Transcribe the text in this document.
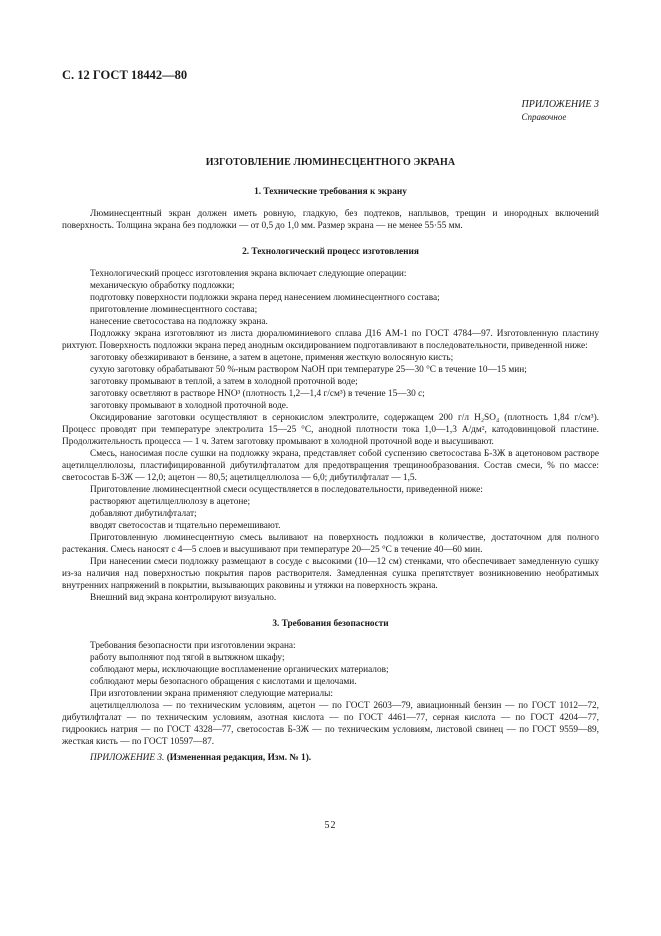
С. 12 ГОСТ 18442—80
ПРИЛОЖЕНИЕ 3
Справочное
ИЗГОТОВЛЕНИЕ ЛЮМИНЕСЦЕНТНОГО ЭКРАНА

1. Технические требования к экрану

Люминесцентный экран должен иметь ровную, гладкую, без подтеков, наплывов, трещин и инородных включений поверхность. Толщина экрана без подложки — от 0,5 до 1,0 мм. Размер экрана — не менее 55·55 мм.

2. Технологический процесс изготовления

Технологический процесс изготовления экрана включает следующие операции:

механическую обработку подложки;

подготовку поверхности подложки экрана перед нанесением люминесцентного состава;

приготовление люминесцентного состава;

нанесение светосостава на подложку экрана.

Подложку экрана изготовляют из листа дюралюминиевого сплава Д16 АМ-1 по ГОСТ 4784—97. Изготовленную пластину рихтуют. Поверхность подложки экрана перед анодным оксидированием подготавливают в последовательности, приведенной ниже:

заготовку обезжиривают в бензине, а затем в ацетоне, применяя жесткую волосяную кисть;

сухую заготовку обрабатывают 50 %-ным раствором NaOH при температуре 25—30 °С в течение 10—15 мин;

заготовку промывают в теплой, а затем в холодной проточной воде;

заготовку осветляют в растворе HNO³ (плотность 1,2—1,4 г/см³) в течение 15—30 с;

заготовку промывают в холодной проточной воде.

Оксидирование заготовки осуществляют в сернокислом электролите, содержащем 200 г/л H₂SO₄ (плотность 1,84 г/см³). Процесс проводят при температуре электролита 15—25 °С, анодной плотности тока 1,0—1,3 А/дм², катодовинцовой пластине. Продолжительность процесса — 1 ч. Затем заготовку промывают в холодной проточной воде и высушивают.

Смесь, наносимая после сушки на подложку экрана, представляет собой суспензию светосостава Б-3Ж в ацетоновом растворе ацетилцеллюлозы, пластифицированной дибутилфталатом для предотвращения трещинообразования. Состав смеси, % по массе: светосостав Б-3Ж — 12,0; ацетон — 80,5; ацетилцеллюлоза — 6,0; дибутилфталат — 1,5.

Приготовление люминесцентной смеси осуществляется в последовательности, приведенной ниже:

растворяют ацетилцеллюлозу в ацетоне;

добавляют дибутилфталат;

вводят светосостав и тщательно перемешивают.

Приготовленную люминесцентную смесь выливают на поверхность подложки в количестве, достаточном для полного растекания. Смесь наносят с 4—5 слоев и высушивают при температуре 20—25 °С в течение 40—60 мин.

При нанесении смеси подложку размещают в сосуде с высокими (10—12 см) стенками, что обеспечивает замедленную сушку из-за наличия над поверхностью покрытия паров растворителя. Замедленная сушка препятствует возникновению необратимых внутренних напряжений в покрытии, вызывающих раковины и утяжки на поверхность экрана.

Внешний вид экрана контролируют визуально.

3. Требования безопасности

Требования безопасности при изготовлении экрана:

работу выполняют под тягой в вытяжном шкафу;

соблюдают меры, исключающие воспламенение органических материалов;

соблюдают меры безопасного обращения с кислотами и щелочами.

При изготовлении экрана применяют следующие материалы:

ацетилцеллюлоза — по техническим условиям, ацетон — по ГОСТ 2603—79, авиационный бензин — по ГОСТ 1012—72, дибутилфталат — по техническим условиям, азотная кислота — по ГОСТ 4461—77, серная кислота — по ГОСТ 4204—77, гидроокись натрия — по ГОСТ 4328—77, светосостав Б-3Ж — по техническим условиям, листовой свинец — по ГОСТ 9559—89, жесткая кисть — по ГОСТ 10597—87.

ПРИЛОЖЕНИЕ 3. (Измененная редакция, Изм. № 1).

52
